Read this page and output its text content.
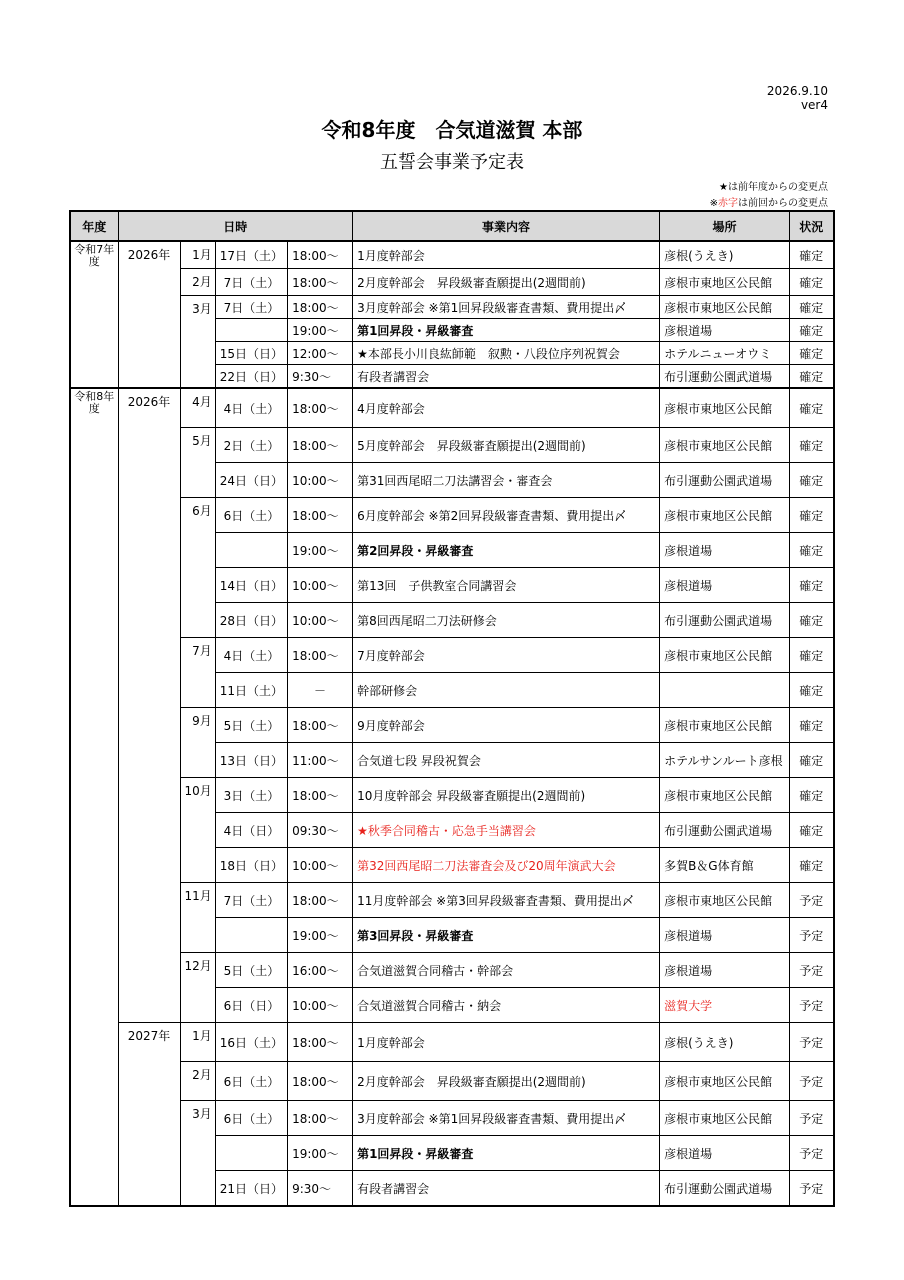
2026.9.10
ver4
令和8年度　合気道滋賀 本部
五誓会事業予定表
★は前年度からの変更点
※赤字は前回からの変更点
年度	日時				事業内容	場所	状況
令和7年度	2026年	1月	17日（土）	18:00～	1月度幹部会	彦根(うえき)	確定
		2月	7日（土）	18:00～	2月度幹部会　昇段級審査願提出(2週間前)	彦根市東地区公民館	確定
		3月	7日（土）	18:00～	3月度幹部会 ※第1回昇段級審査書類、費用提出〆	彦根市東地区公民館	確定
				19:00～	第1回昇段・昇級審査	彦根道場	確定
			15日（日）	12:00～	★本部長小川良紘師範　叙勲・八段位序列祝賀会	ホテルニューオウミ	確定
			22日（日）	9:30～	有段者講習会	布引運動公園武道場	確定
令和8年度	2026年	4月	4日（土）	18:00～	4月度幹部会	彦根市東地区公民館	確定
		5月	2日（土）	18:00～	5月度幹部会　昇段級審査願提出(2週間前)	彦根市東地区公民館	確定
			24日（日）	10:00～	第31回西尾昭二刀法講習会・審査会	布引運動公園武道場	確定
		6月	6日（土）	18:00～	6月度幹部会 ※第2回昇段級審査書類、費用提出〆	彦根市東地区公民館	確定
				19:00～	第2回昇段・昇級審査	彦根道場	確定
			14日（日）	10:00～	第13回　子供教室合同講習会	彦根道場	確定
			28日（日）	10:00～	第8回西尾昭二刀法研修会	布引運動公園武道場	確定
		7月	4日（土）	18:00～	7月度幹部会	彦根市東地区公民館	確定
			11日（土）	－	幹部研修会		確定
		9月	5日（土）	18:00～	9月度幹部会	彦根市東地区公民館	確定
			13日（日）	11:00～	合気道七段 昇段祝賀会	ホテルサンルート彦根	確定
		10月	3日（土）	18:00～	10月度幹部会 昇段級審査願提出(2週間前)	彦根市東地区公民館	確定
			4日（日）	09:30～	★秋季合同稽古・応急手当講習会	布引運動公園武道場	確定
			18日（日）	10:00～	第32回西尾昭二刀法審査会及び20周年演武大会	多賀B＆G体育館	確定
		11月	7日（土）	18:00～	11月度幹部会 ※第3回昇段級審査書類、費用提出〆	彦根市東地区公民館	予定
				19:00～	第3回昇段・昇級審査	彦根道場	予定
		12月	5日（土）	16:00～	合気道滋賀合同稽古・幹部会	彦根道場	予定
			6日（日）	10:00～	合気道滋賀合同稽古・納会	滋賀大学	予定
	2027年	1月	16日（土）	18:00～	1月度幹部会	彦根(うえき)	予定
		2月	6日（土）	18:00～	2月度幹部会　昇段級審査願提出(2週間前)	彦根市東地区公民館	予定
		3月	6日（土）	18:00～	3月度幹部会 ※第1回昇段級審査書類、費用提出〆	彦根市東地区公民館	予定
				19:00～	第1回昇段・昇級審査	彦根道場	予定
			21日（日）	9:30～	有段者講習会	布引運動公園武道場	予定
